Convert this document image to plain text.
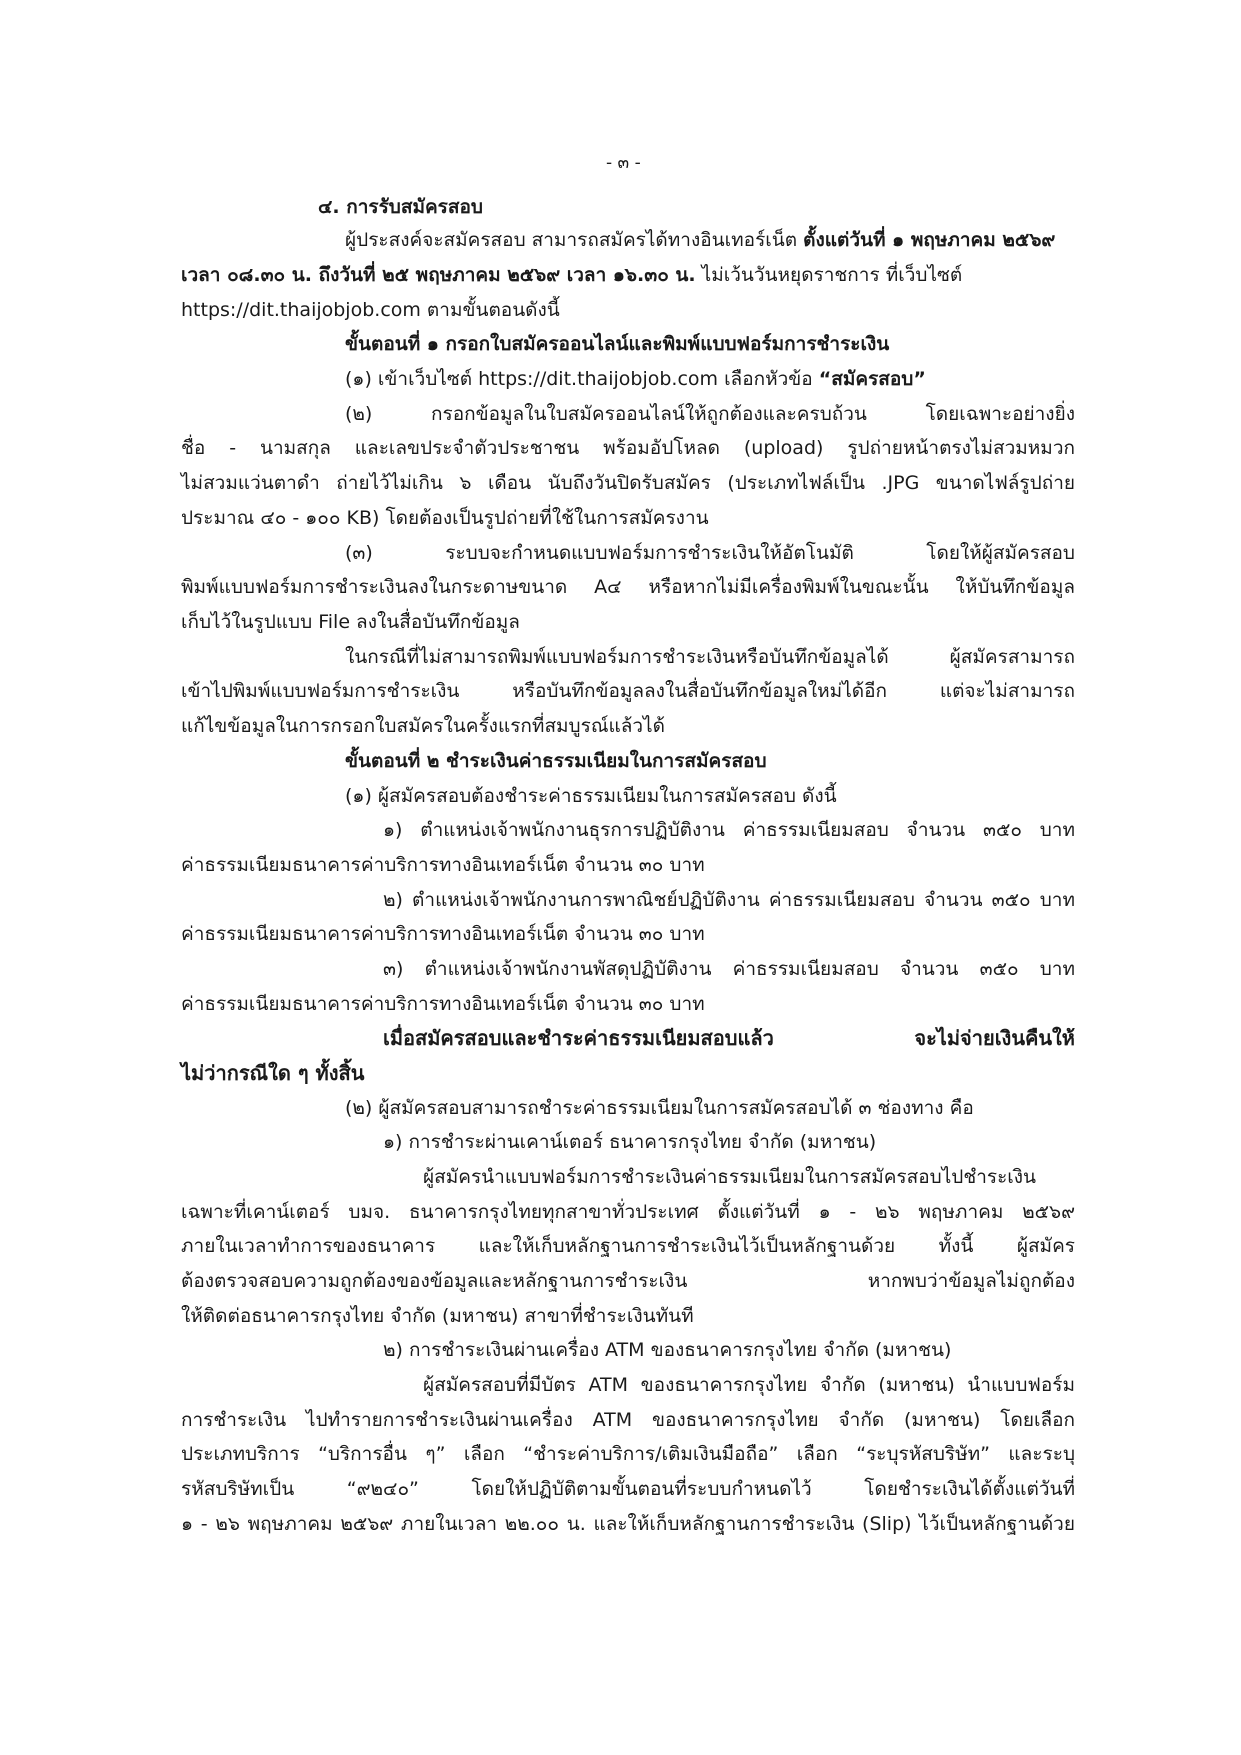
- ๓ -
๔. การรับสมัครสอบ
ผู้ประสงค์จะสมัครสอบ สามารถสมัครได้ทางอินเทอร์เน็ต ตั้งแต่วันที่ ๑ พฤษภาคม ๒๕๖๙
เวลา ๐๘.๓๐ น. ถึงวันที่ ๒๕ พฤษภาคม ๒๕๖๙ เวลา ๑๖.๓๐ น. ไม่เว้นวันหยุดราชการ ที่เว็บไซต์
https://dit.thaijobjob.com ตามขั้นตอนดังนี้
ขั้นตอนที่ ๑ กรอกใบสมัครออนไลน์และพิมพ์แบบฟอร์มการชำระเงิน
(๑) เข้าเว็บไซต์ https://dit.thaijobjob.com เลือกหัวข้อ “สมัครสอบ”
(๒) กรอกข้อมูลในใบสมัครออนไลน์ให้ถูกต้องและครบถ้วน โดยเฉพาะอย่างยิ่ง
ชื่อ - นามสกุล และเลขประจำตัวประชาชน พร้อมอัปโหลด (upload) รูปถ่ายหน้าตรงไม่สวมหมวก
ไม่สวมแว่นตาดำ ถ่ายไว้ไม่เกิน ๖ เดือน นับถึงวันปิดรับสมัคร (ประเภทไฟล์เป็น .JPG ขนาดไฟล์รูปถ่าย
ประมาณ ๔๐ - ๑๐๐ KB) โดยต้องเป็นรูปถ่ายที่ใช้ในการสมัครงาน
(๓) ระบบจะกำหนดแบบฟอร์มการชำระเงินให้อัตโนมัติ โดยให้ผู้สมัครสอบ
พิมพ์แบบฟอร์มการชำระเงินลงในกระดาษขนาด A๔ หรือหากไม่มีเครื่องพิมพ์ในขณะนั้น ให้บันทึกข้อมูล
เก็บไว้ในรูปแบบ File ลงในสื่อบันทึกข้อมูล
ในกรณีที่ไม่สามารถพิมพ์แบบฟอร์มการชำระเงินหรือบันทึกข้อมูลได้ ผู้สมัครสามารถ
เข้าไปพิมพ์แบบฟอร์มการชำระเงิน หรือบันทึกข้อมูลลงในสื่อบันทึกข้อมูลใหม่ได้อีก แต่จะไม่สามารถ
แก้ไขข้อมูลในการกรอกใบสมัครในครั้งแรกที่สมบูรณ์แล้วได้
ขั้นตอนที่ ๒ ชำระเงินค่าธรรมเนียมในการสมัครสอบ
(๑) ผู้สมัครสอบต้องชำระค่าธรรมเนียมในการสมัครสอบ ดังนี้
๑) ตำแหน่งเจ้าพนักงานธุรการปฏิบัติงาน ค่าธรรมเนียมสอบ จำนวน ๓๕๐ บาท
ค่าธรรมเนียมธนาคารค่าบริการทางอินเทอร์เน็ต จำนวน ๓๐ บาท
๒) ตำแหน่งเจ้าพนักงานการพาณิชย์ปฏิบัติงาน ค่าธรรมเนียมสอบ จำนวน ๓๕๐ บาท
ค่าธรรมเนียมธนาคารค่าบริการทางอินเทอร์เน็ต จำนวน ๓๐ บาท
๓) ตำแหน่งเจ้าพนักงานพัสดุปฏิบัติงาน ค่าธรรมเนียมสอบ จำนวน ๓๕๐ บาท
ค่าธรรมเนียมธนาคารค่าบริการทางอินเทอร์เน็ต จำนวน ๓๐ บาท
เมื่อสมัครสอบและชำระค่าธรรมเนียมสอบแล้ว จะไม่จ่ายเงินคืนให้
ไม่ว่ากรณีใด ๆ ทั้งสิ้น
(๒) ผู้สมัครสอบสามารถชำระค่าธรรมเนียมในการสมัครสอบได้ ๓ ช่องทาง คือ
๑) การชำระผ่านเคาน์เตอร์ ธนาคารกรุงไทย จำกัด (มหาชน)
ผู้สมัครนำแบบฟอร์มการชำระเงินค่าธรรมเนียมในการสมัครสอบไปชำระเงิน
เฉพาะที่เคาน์เตอร์ บมจ. ธนาคารกรุงไทยทุกสาขาทั่วประเทศ ตั้งแต่วันที่ ๑ - ๒๖ พฤษภาคม ๒๕๖๙
ภายในเวลาทำการของธนาคาร และให้เก็บหลักฐานการชำระเงินไว้เป็นหลักฐานด้วย ทั้งนี้ ผู้สมัคร
ต้องตรวจสอบความถูกต้องของข้อมูลและหลักฐานการชำระเงิน หากพบว่าข้อมูลไม่ถูกต้อง
ให้ติดต่อธนาคารกรุงไทย จำกัด (มหาชน) สาขาที่ชำระเงินทันที
๒) การชำระเงินผ่านเครื่อง ATM ของธนาคารกรุงไทย จำกัด (มหาชน)
ผู้สมัครสอบที่มีบัตร ATM ของธนาคารกรุงไทย จำกัด (มหาชน) นำแบบฟอร์ม
การชำระเงิน ไปทำรายการชำระเงินผ่านเครื่อง ATM ของธนาคารกรุงไทย จำกัด (มหาชน) โดยเลือก
ประเภทบริการ “บริการอื่น ๆ” เลือก “ชำระค่าบริการ/เติมเงินมือถือ” เลือก “ระบุรหัสบริษัท” และระบุ
รหัสบริษัทเป็น “๙๒๔๐” โดยให้ปฏิบัติตามขั้นตอนที่ระบบกำหนดไว้ โดยชำระเงินได้ตั้งแต่วันที่
๑ - ๒๖ พฤษภาคม ๒๕๖๙ ภายในเวลา ๒๒.๐๐ น. และให้เก็บหลักฐานการชำระเงิน (Slip) ไว้เป็นหลักฐานด้วย
